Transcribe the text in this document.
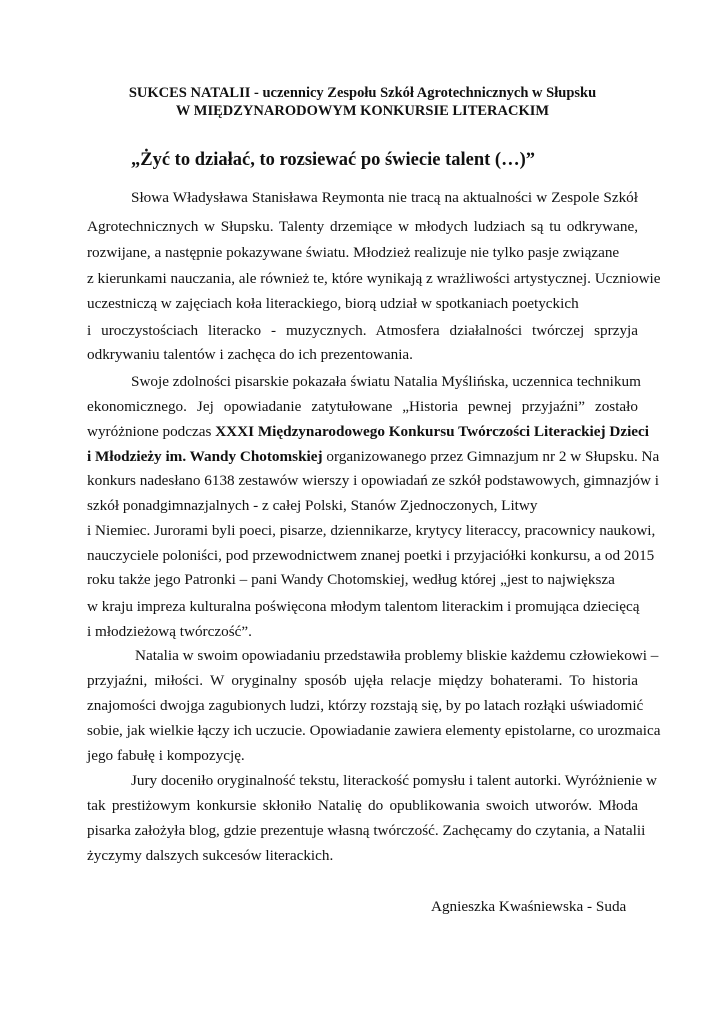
SUKCES NATALII - uczennicy Zespołu Szkół Agrotechnicznych w Słupsku
W MIĘDZYNARODOWYM KONKURSIE LITERACKIM
„Żyć to działać, to rozsiewać po świecie talent (…)”
Słowa Władysława Stanisława Reymonta nie tracą na aktualności w Zespole Szkół
Agrotechnicznych w Słupsku. Talenty drzemiące w młodych ludziach są tu odkrywane,
rozwijane, a następnie pokazywane światu. Młodzież realizuje nie tylko pasje związane
z kierunkami nauczania, ale również te, które wynikają z wrażliwości artystycznej. Uczniowie
uczestniczą w zajęciach koła literackiego, biorą udział w spotkaniach poetyckich
i uroczystościach literacko - muzycznych. Atmosfera działalności twórczej sprzyja
odkrywaniu talentów i zachęca do ich prezentowania.
Swoje zdolności pisarskie pokazała światu Natalia Myślińska, uczennica technikum
ekonomicznego. Jej opowiadanie zatytułowane „Historia pewnej przyjaźni” zostało
wyróżnione podczas XXXI Międzynarodowego Konkursu Twórczości Literackiej Dzieci
i Młodzieży im. Wandy Chotomskiej organizowanego przez Gimnazjum nr 2 w Słupsku. Na
konkurs nadesłano 6138 zestawów wierszy i opowiadań ze szkół podstawowych, gimnazjów i
szkół ponadgimnazjalnych - z całej Polski, Stanów Zjednoczonych, Litwy
i Niemiec. Jurorami byli poeci, pisarze, dziennikarze, krytycy literaccy, pracownicy naukowi,
nauczyciele poloniści, pod przewodnictwem znanej poetki i przyjaciółki konkursu, a od 2015
roku także jego Patronki – pani Wandy Chotomskiej, według której „jest to największa
w kraju impreza kulturalna poświęcona młodym talentom literackim i promująca dziecięcą
i młodzieżową twórczość”.
Natalia w swoim opowiadaniu przedstawiła problemy bliskie każdemu człowiekowi –
przyjaźni, miłości. W oryginalny sposób ujęła relacje między bohaterami. To historia
znajomości dwojga zagubionych ludzi, którzy rozstają się, by po latach rozłąki uświadomić
sobie, jak wielkie łączy ich uczucie. Opowiadanie zawiera elementy epistolarne, co urozmaica
jego fabułę i kompozycję.
Jury doceniło oryginalność tekstu, literackość pomysłu i talent autorki. Wyróżnienie w
tak prestiżowym konkursie skłoniło Natalię do opublikowania swoich utworów. Młoda
pisarka założyła blog, gdzie prezentuje własną twórczość. Zachęcamy do czytania, a Natalii
życzymy dalszych sukcesów literackich.
Agnieszka Kwaśniewska - Suda
